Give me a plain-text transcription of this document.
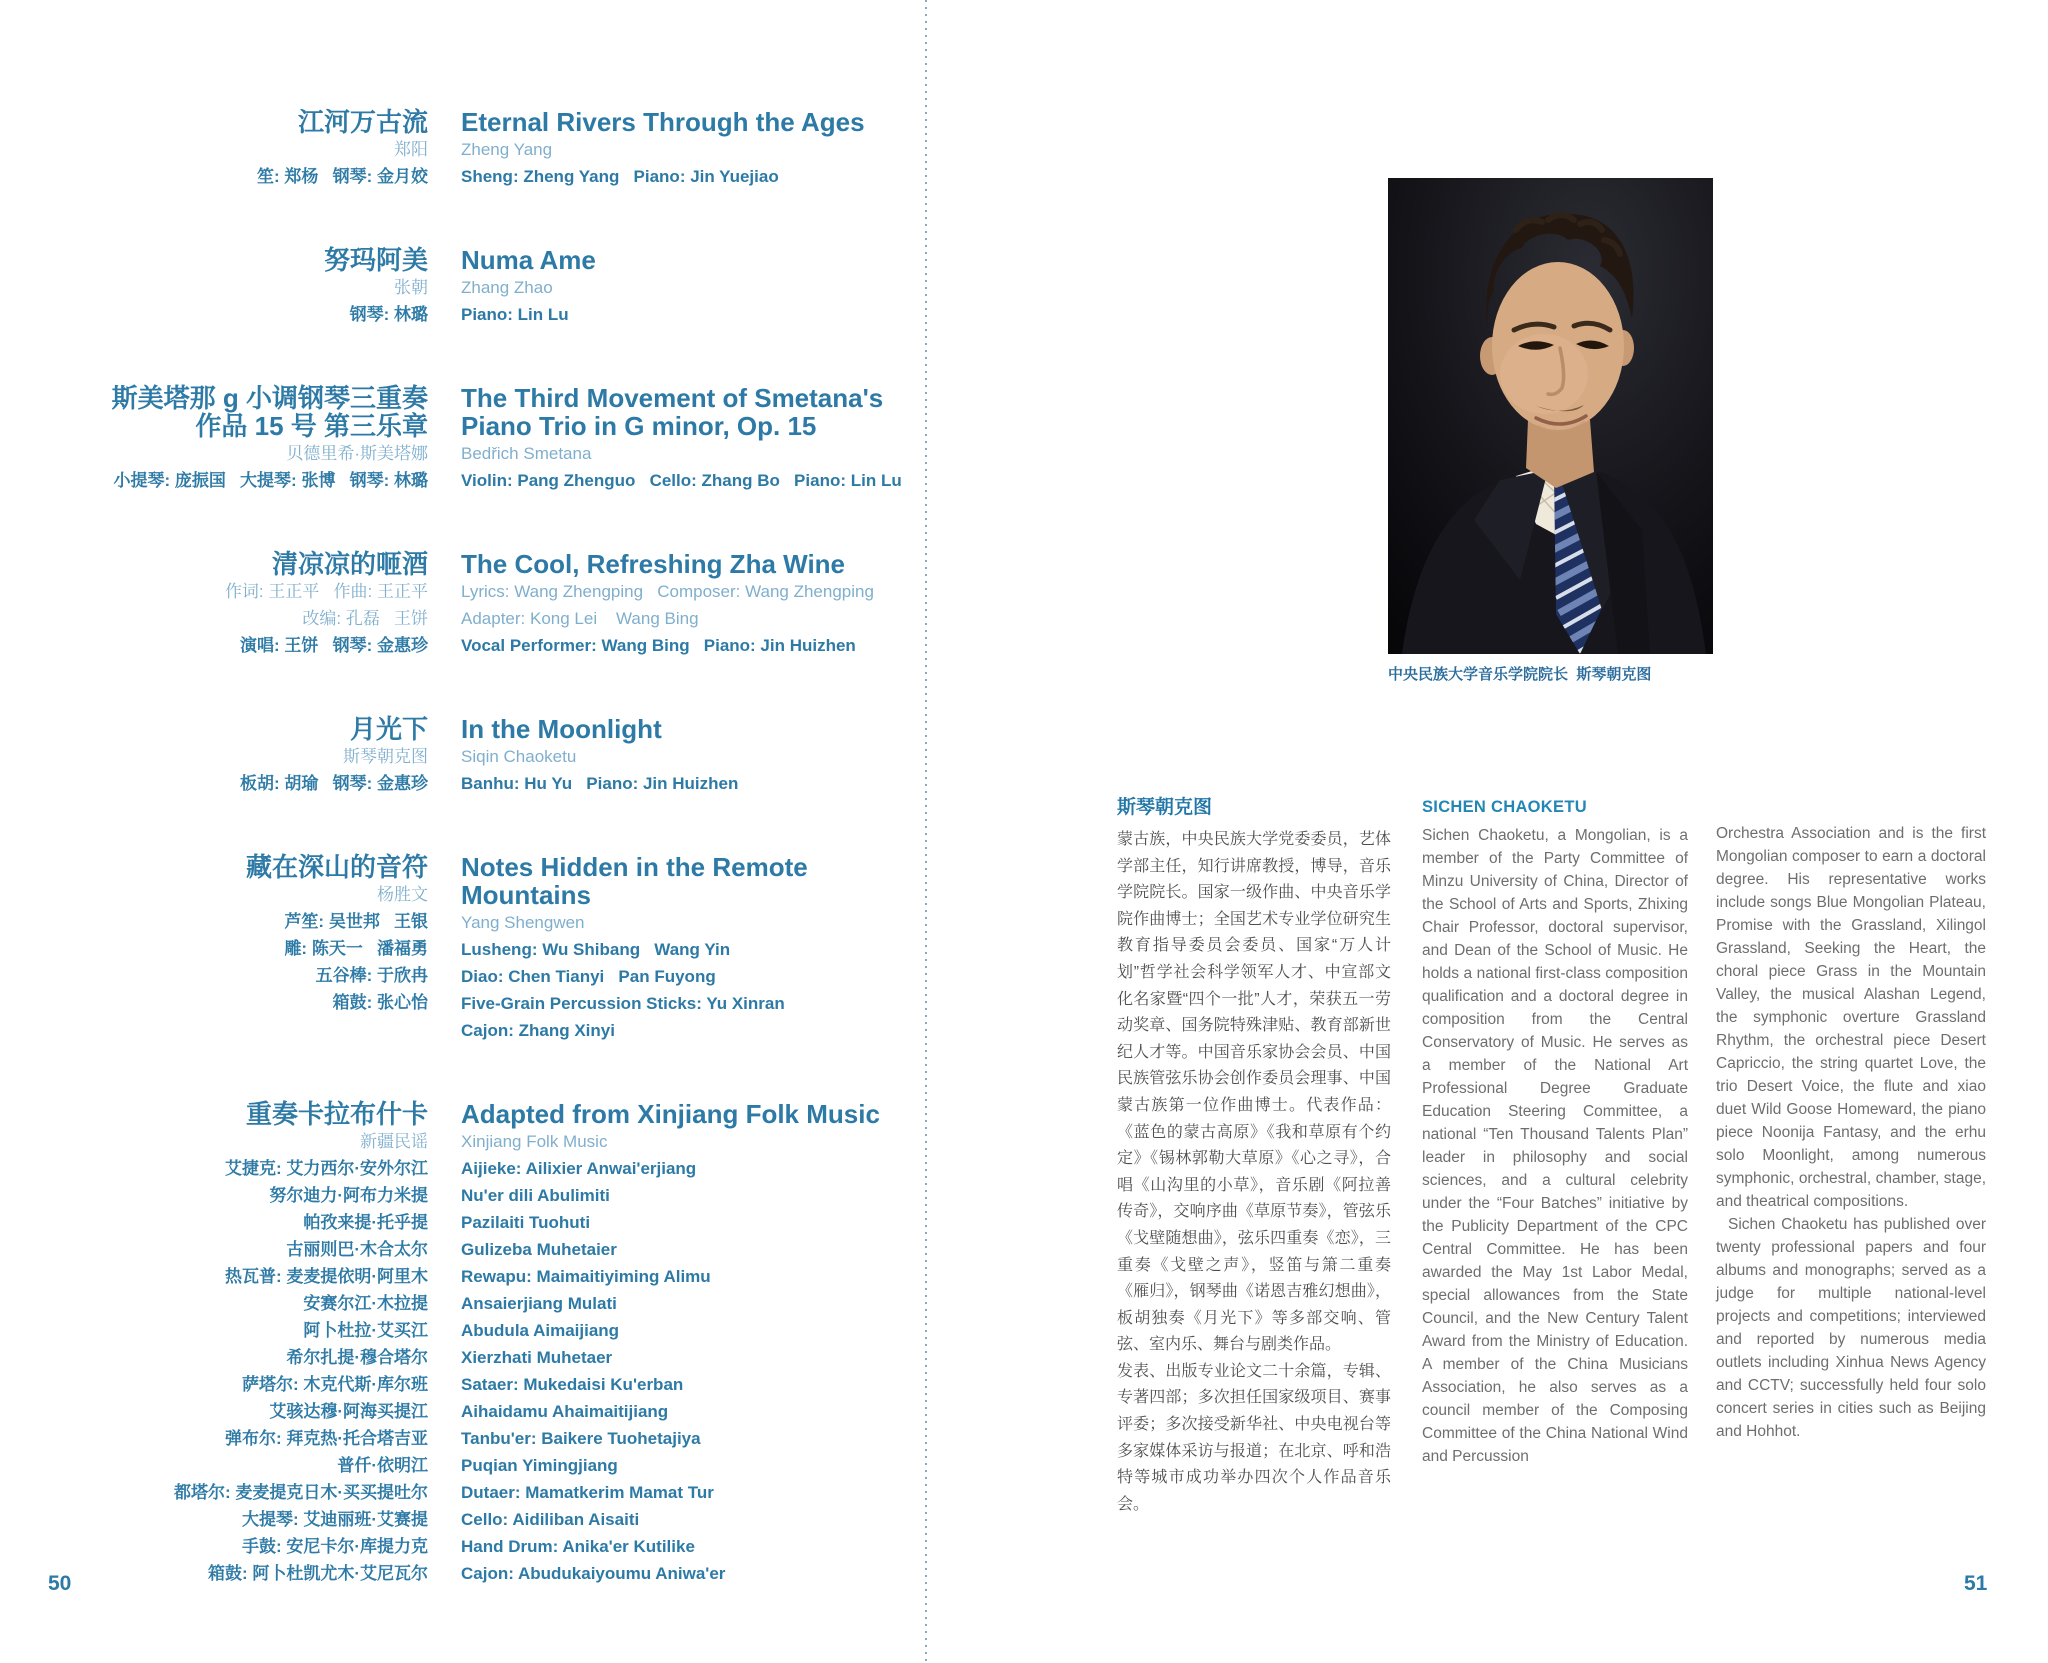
江河万古流
郑阳
笙: 郑杨   钢琴: 金月姣
Eternal Rivers Through the Ages
Zheng Yang
Sheng: Zheng Yang   Piano: Jin Yuejiao
努玛阿美
张朝
钢琴: 林璐
Numa Ame
Zhang Zhao
Piano: Lin Lu
斯美塔那 g 小调钢琴三重奏
作品 15 号 第三乐章
贝德里希·斯美塔娜
小提琴: 庞振国   大提琴: 张博   钢琴: 林璐
The Third Movement of Smetana's
Piano Trio in G minor, Op. 15
Bedřich Smetana
Violin: Pang Zhenguo   Cello: Zhang Bo   Piano: Lin Lu
清凉凉的咂酒
作词: 王正平   作曲: 王正平
改编: 孔磊   王饼
演唱: 王饼   钢琴: 金惠珍
The Cool, Refreshing Zha Wine
Lyrics: Wang Zhengping   Composer: Wang Zhengping
Adapter: Kong Lei    Wang Bing
Vocal Performer: Wang Bing   Piano: Jin Huizhen
月光下
斯琴朝克图
板胡: 胡瑜   钢琴: 金惠珍
In the Moonlight
Siqin Chaoketu
Banhu: Hu Yu   Piano: Jin Huizhen
藏在深山的音符
杨胜文
芦笙: 吴世邦   王银
雕: 陈天一   潘福勇
五谷棒: 于欣冉
箱鼓: 张心怡
Notes Hidden in the Remote Mountains
Yang Shengwen
Lusheng: Wu Shibang   Wang Yin
Diao: Chen Tianyi   Pan Fuyong
Five-Grain Percussion Sticks: Yu Xinran
Cajon: Zhang Xinyi
重奏卡拉布什卡
新疆民谣
艾捷克: 艾力西尔·安外尔江
努尔迪力·阿布力米提
帕孜来提·托乎提
古丽则巴·木合太尔
热瓦普: 麦麦提依明·阿里木
安赛尔江·木拉提
阿卜杜拉·艾买江
希尔扎提·穆合塔尔
萨塔尔: 木克代斯·库尔班
艾骇达穆·阿海买提江
弹布尔: 拜克热·托合塔吉亚
普仟·依明江
都塔尔: 麦麦提克日木·买买提吐尔
大提琴: 艾迪丽班·艾赛提
手鼓: 安尼卡尔·库提力克
箱鼓: 阿卜杜凯尤木·艾尼瓦尔
Adapted from Xinjiang Folk Music
Xinjiang Folk Music
Aijieke: Ailixier Anwai'erjiang
Nu'er dili Abulimiti
Pazilaiti Tuohuti
Gulizeba Muhetaier
Rewapu: Maimaitiyiming Alimu
Ansaierjiang Mulati
Abudula Aimaijiang
Xierzhati Muhetaer
Sataer: Mukedaisi Ku'erban
Aihaidamu Ahaimaitijiang
Tanbu'er: Baikere Tuohetajiya
Puqian Yimingjiang
Dutaer: Mamatkerim Mamat Tur
Cello: Aidiliban Aisaiti
Hand Drum: Anika'er Kutilike
Cajon: Abudukaiyoumu Aniwa'er
50
中央民族大学音乐学院院长  斯琴朝克图
斯琴朝克图

蒙古族，中央民族大学党委委员，艺体学部主任，知行讲席教授，博导，音乐学院院长。国家一级作曲、中央音乐学院作曲博士；全国艺术专业学位研究生教育指导委员会委员、国家“万人计划”哲学社会科学领军人才、中宣部文化名家暨“四个一批”人才，荣获五一劳动奖章、国务院特殊津贴、教育部新世纪人才等。中国音乐家协会会员、中国民族管弦乐协会创作委员会理事、中国蒙古族第一位作曲博士。代表作品：《蓝色的蒙古高原》《我和草原有个约定》《锡林郭勒大草原》《心之寻》，合唱《山沟里的小草》，音乐剧《阿拉善传奇》，交响序曲《草原节奏》，管弦乐《戈壁随想曲》，弦乐四重奏《恋》，三重奏《戈壁之声》，竖笛与箫二重奏《雁归》，钢琴曲《诺恩吉雅幻想曲》，板胡独奏《月光下》等多部交响、管弦、室内乐、舞台与剧类作品。

发表、出版专业论文二十余篇，专辑、专著四部；多次担任国家级项目、赛事评委；多次接受新华社、中央电视台等多家媒体采访与报道；在北京、呼和浩特等城市成功举办四次个人作品音乐会。

SICHEN CHAOKETU

Sichen Chaoketu, a Mongolian, is a member of the Party Committee of Minzu University of China, Director of the School of Arts and Sports, Zhixing Chair Professor, doctoral supervisor, and Dean of the School of Music. He holds a national first-class composition qualification and a doctoral degree in composition from the Central Conservatory of Music. He serves as a member of the National Art Professional Degree Graduate Education Steering Committee, a national “Ten Thousand Talents Plan” leader in philosophy and social sciences, and a cultural celebrity under the “Four Batches” initiative by the Publicity Department of the CPC Central Committee. He has been awarded the May 1st Labor Medal, special allowances from the State Council, and the New Century Talent Award from the Ministry of Education. A member of the China Musicians Association, he also serves as a council member of the Composing Committee of the China National Wind and Percussion

Orchestra Association and is the first Mongolian composer to earn a doctoral degree. His representative works include songs Blue Mongolian Plateau, Promise with the Grassland, Xilingol Grassland, Seeking the Heart, the choral piece Grass in the Mountain Valley, the musical Alashan Legend, the symphonic overture Grassland Rhythm, the orchestral piece Desert Capriccio, the string quartet Love, the trio Desert Voice, the flute and xiao duet Wild Goose Homeward, the piano piece Noonija Fantasy, and the erhu solo Moonlight, among numerous symphonic, orchestral, chamber, stage, and theatrical compositions.

Sichen Chaoketu has published over twenty professional papers and four albums and monographs; served as a judge for multiple national-level projects and competitions; interviewed and reported by numerous media outlets including Xinhua News Agency and CCTV; successfully held four solo concert series in cities such as Beijing and Hohhot.

51
